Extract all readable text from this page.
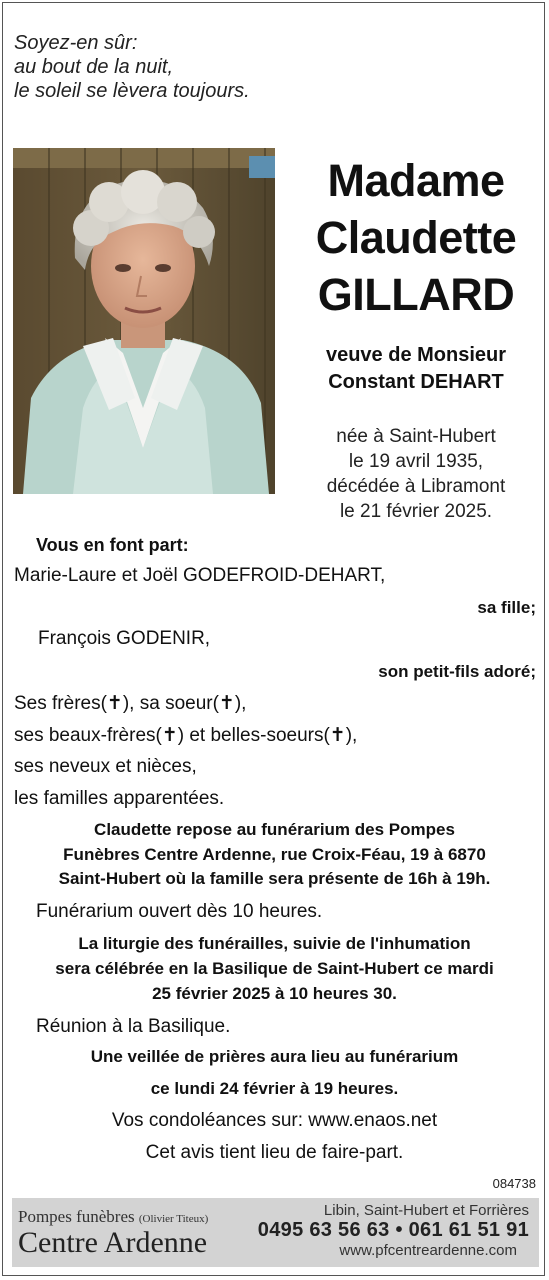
Soyez-en sûr:
au bout de la nuit,
le soleil se lèvera toujours.
Madame
Claudette
GILLARD
veuve de Monsieur
Constant DEHART
née à Saint-Hubert
le 19 avril 1935,
décédée à Libramont
le 21 février 2025.
Vous en font part:
Marie-Laure et Joël GODEFROID-DEHART,
sa fille;
François GODENIR,
son petit-fils adoré;
Ses frères(✝), sa soeur(✝),
ses beaux-frères(✝) et belles-soeurs(✝),
ses neveux et nièces,
les familles apparentées.
Claudette repose au funérarium des Pompes
Funèbres Centre Ardenne, rue Croix-Féau, 19 à 6870
Saint-Hubert où la famille sera présente de 16h à 19h.
Funérarium ouvert dès 10 heures.
La liturgie des funérailles, suivie de l'inhumation
sera célébrée en la Basilique de Saint-Hubert ce mardi
25 février 2025 à 10 heures 30.
Réunion à la Basilique.
Une veillée de prières aura lieu au funérarium
ce lundi 24 février à 19 heures.
Vos condoléances sur: www.enaos.net
Cet avis tient lieu de faire-part.
084738
Pompes funèbres (Olivier Titeux)
Centre Ardenne
Libin, Saint-Hubert et Forrières
0495 63 56 63 • 061 61 51 91
www.pfcentreardenne.com
